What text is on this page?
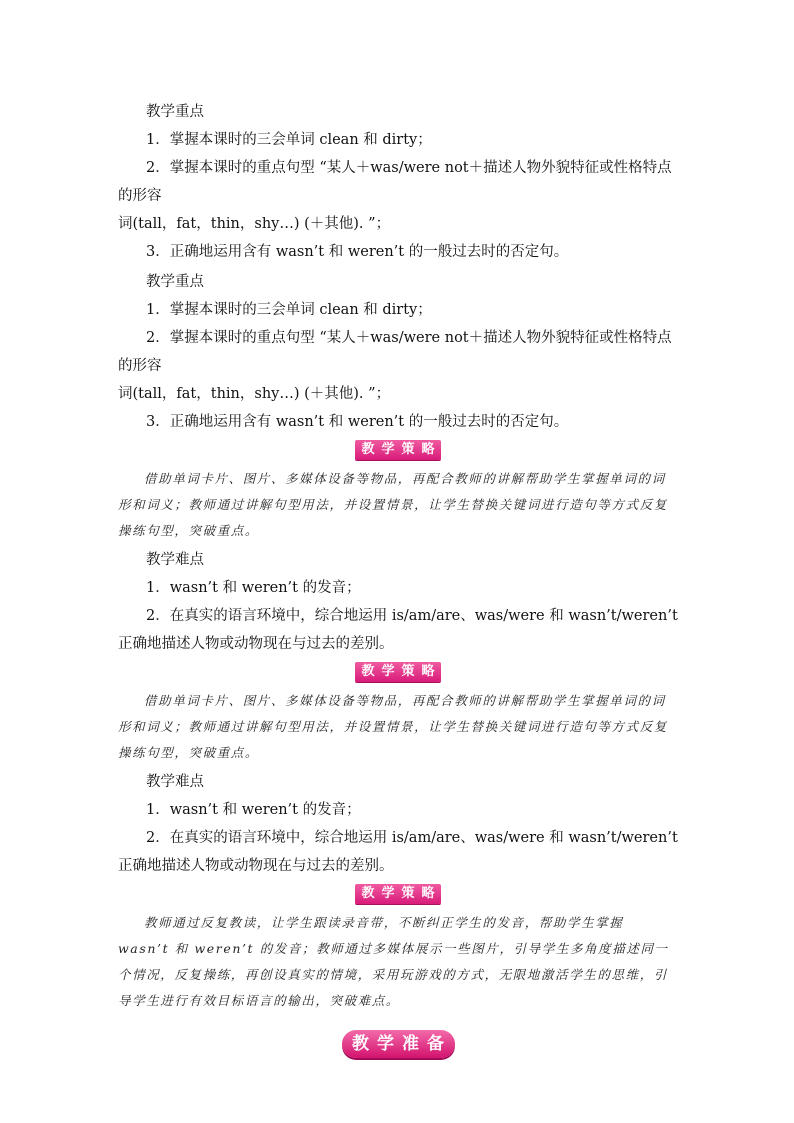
教学重点

1．掌握本课时的三会单词 clean 和 dirty；

2．掌握本课时的重点句型 “某人＋was/were not＋描述人物外貌特征或性格特点的形容

词(tall，fat，thin，shy…) (＋其他). ”；

3．正确地运用含有 wasn’t 和 weren’t 的一般过去时的否定句。

教学重点

1．掌握本课时的三会单词 clean 和 dirty；

2．掌握本课时的重点句型 “某人＋was/were not＋描述人物外貌特征或性格特点的形容

词(tall，fat，thin，shy…) (＋其他). ”；

3．正确地运用含有 wasn’t 和 weren’t 的一般过去时的否定句。

教 学 策 略

借助单词卡片、图片、多媒体设备等物品，再配合教师的讲解帮助学生掌握单词的词形和词义；教师通过讲解句型用法，并设置情景，让学生替换关键词进行造句等方式反复操练句型，突破重点。

教学难点

1．wasn’t 和 weren’t 的发音；

2．在真实的语言环境中，综合地运用 is/am/are、was/were 和 wasn’t/weren’t 正确地描述人物或动物现在与过去的差别。

教 学 策 略

借助单词卡片、图片、多媒体设备等物品，再配合教师的讲解帮助学生掌握单词的词形和词义；教师通过讲解句型用法，并设置情景，让学生替换关键词进行造句等方式反复操练句型，突破重点。

教学难点

1．wasn’t 和 weren’t 的发音；

2．在真实的语言环境中，综合地运用 is/am/are、was/were 和 wasn’t/weren’t 正确地描述人物或动物现在与过去的差别。

教 学 策 略

教师通过反复教读，让学生跟读录音带，不断纠正学生的发音，帮助学生掌握 wasn’t 和 weren’t 的发音；教师通过多媒体展示一些图片，引导学生多角度描述同一个情况，反复操练，再创设真实的情境，采用玩游戏的方式，无限地激活学生的思维，引导学生进行有效目标语言的输出，突破难点。

教 学 准 备
